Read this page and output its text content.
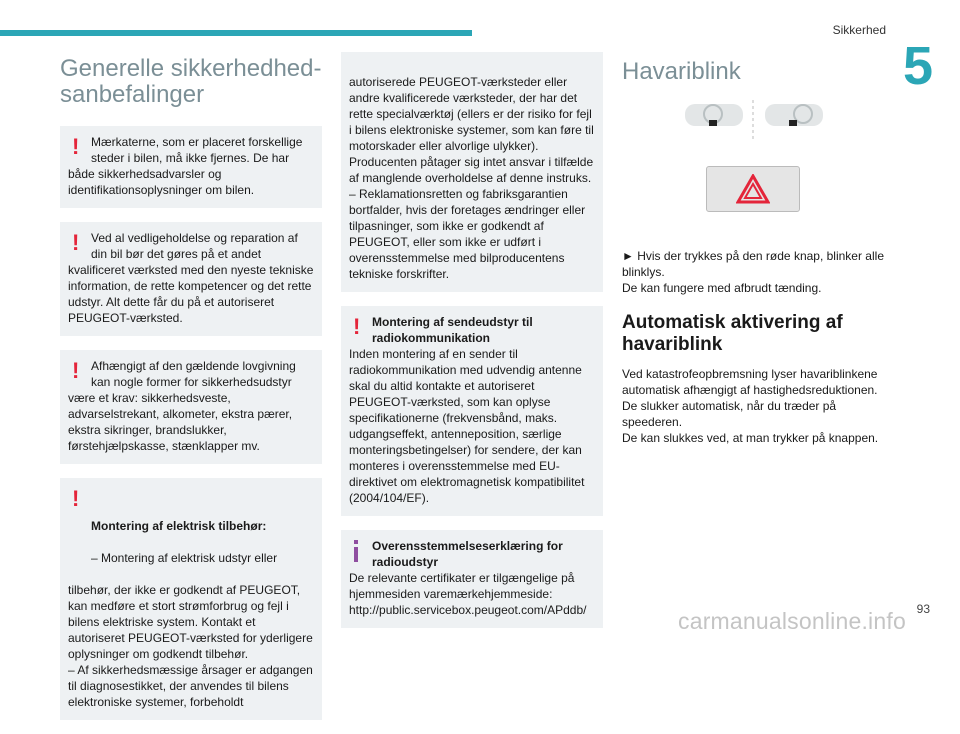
Sikkerhed
5
Generelle sikkerhedhed-
sanbefalinger
! Mærkaterne, som er placeret forskellige steder i bilen, må ikke fjernes. De har
både sikkerhedsadvarsler og identifikationsoplysninger om bilen.
! Ved al vedligeholdelse og reparation af din bil bør det gøres på et andet
kvalificeret værksted med den nyeste tekniske information, de rette kompetencer og det rette udstyr. Alt dette får du på et autoriseret PEUGEOT-værksted.
! Afhængigt af den gældende lovgivning kan nogle former for sikkerhedsudstyr
være et krav: sikkerhedsveste, advarselstrekant, alkometer, ekstra pærer, ekstra sikringer, brandslukker, førstehjælpskasse, stænklapper mv.

!

Montering af elektrisk tilbehør:

– Montering af elektrisk udstyr eller

tilbehør, der ikke er godkendt af PEUGEOT, kan medføre et stort strømforbrug og fejl i bilens elektriske system. Kontakt et autoriseret PEUGEOT-værksted for yderligere oplysninger om godkendt tilbehør.
– Af sikkerhedsmæssige årsager er adgangen til diagnosestikket, der anvendes til bilens elektroniske systemer, forbeholdt

autoriserede PEUGEOT-værksteder eller andre kvalificerede værksteder, der har det rette specialværktøj (ellers er der risiko for fejl i bilens elektroniske systemer, som kan føre til motorskader eller alvorlige ulykker). Producenten påtager sig intet ansvar i tilfælde af manglende overholdelse af denne instruks.
– Reklamationsretten og fabriksgarantien bortfalder, hvis der foretages ændringer eller tilpasninger, som ikke er godkendt af PEUGEOT, eller som ikke er udført i overensstemmelse med bilproducentens tekniske forskrifter.

! Montering af sendeudstyr til radiokommunikation
Inden montering af en sender til radiokommunikation med udvendig antenne skal du altid kontakte et autoriseret PEUGEOT-værksted, som kan oplyse specifikationerne (frekvensbånd, maks. udgangseffekt, antenneposition, særlige monteringsbetingelser) for sendere, der kan monteres i overensstemmelse med EU-direktivet om elektromagnetisk kompatibilitet (2004/104/EF).
Overensstemmelseserklæring for radioudstyr
De relevante certifikater er tilgængelige på hjemmesiden varemærkehjemmeside: http://public.servicebox.peugeot.com/APddb/
Havariblink

► Hvis der trykkes på den røde knap, blinker alle blinklys.

De kan fungere med afbrudt tænding.

Automatisk aktivering af havariblink

Ved katastrofeopbremsning lyser havariblinkene automatisk afhængigt af hastighedsreduktionen.
De slukker automatisk, når du træder på speederen.
De kan slukkes ved, at man trykker på knappen.

93
carmanualsonline.info
